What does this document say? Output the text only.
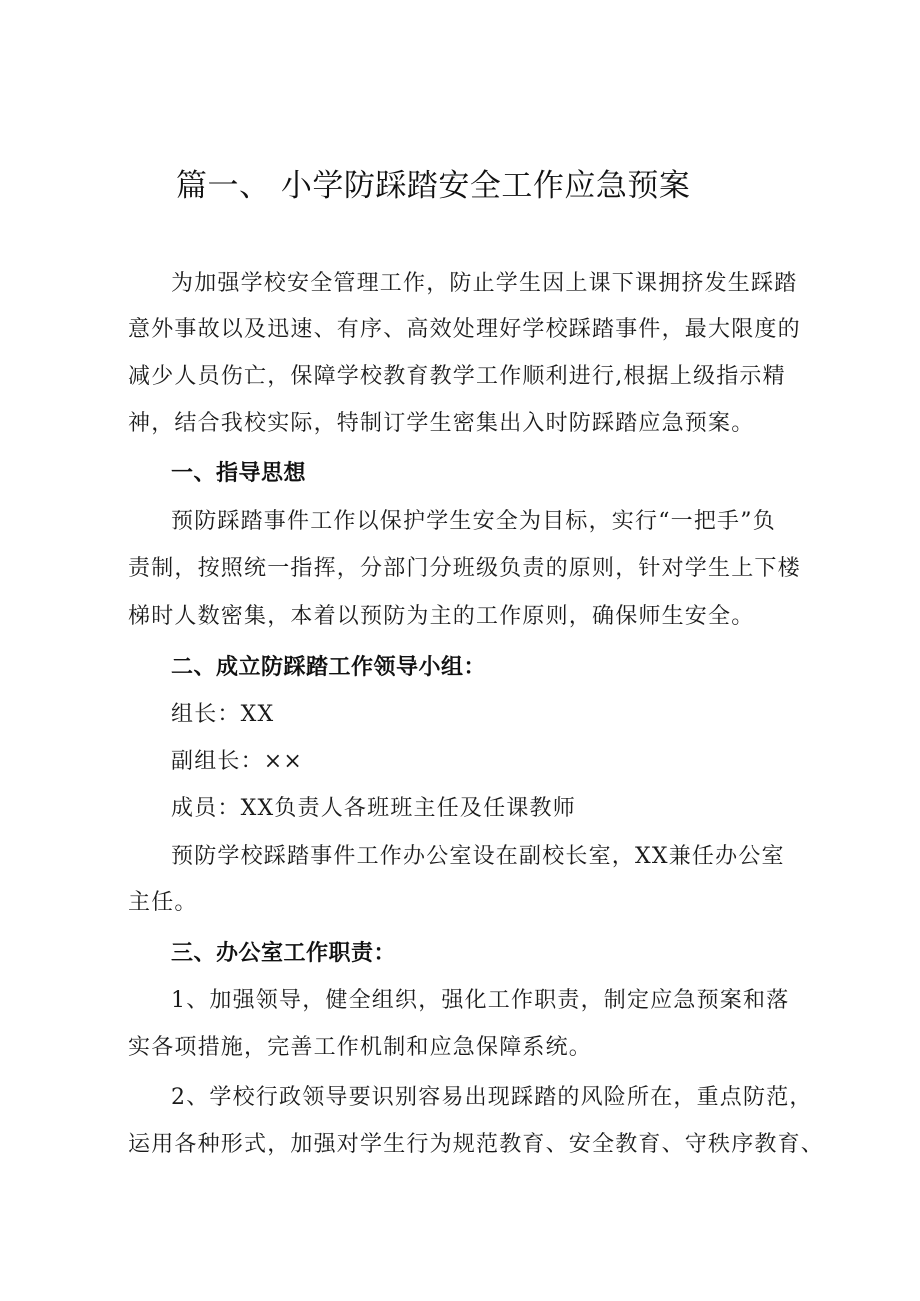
篇一、 小学防踩踏安全工作应急预案

为加强学校安全管理工作，防止学生因上课下课拥挤发生踩踏

意外事故以及迅速、有序、高效处理好学校踩踏事件，最大限度的

减少人员伤亡，保障学校教育教学工作顺利进行,根据上级指示精

神，结合我校实际，特制订学生密集出入时防踩踏应急预案。

一、指导思想

预防踩踏事件工作以保护学生安全为目标，实行“一把手”负

责制，按照统一指挥，分部门分班级负责的原则，针对学生上下楼

梯时人数密集，本着以预防为主的工作原则，确保师生安全。

二、成立防踩踏工作领导小组：

组长：XX

副组长：××

成员：XX负责人各班班主任及任课教师

预防学校踩踏事件工作办公室设在副校长室，XX兼任办公室

主任。

三、办公室工作职责：

1、加强领导，健全组织，强化工作职责，制定应急预案和落

实各项措施，完善工作机制和应急保障系统。

2、学校行政领导要识别容易出现踩踏的风险所在，重点防范，

运用各种形式，加强对学生行为规范教育、安全教育、守秩序教育、
